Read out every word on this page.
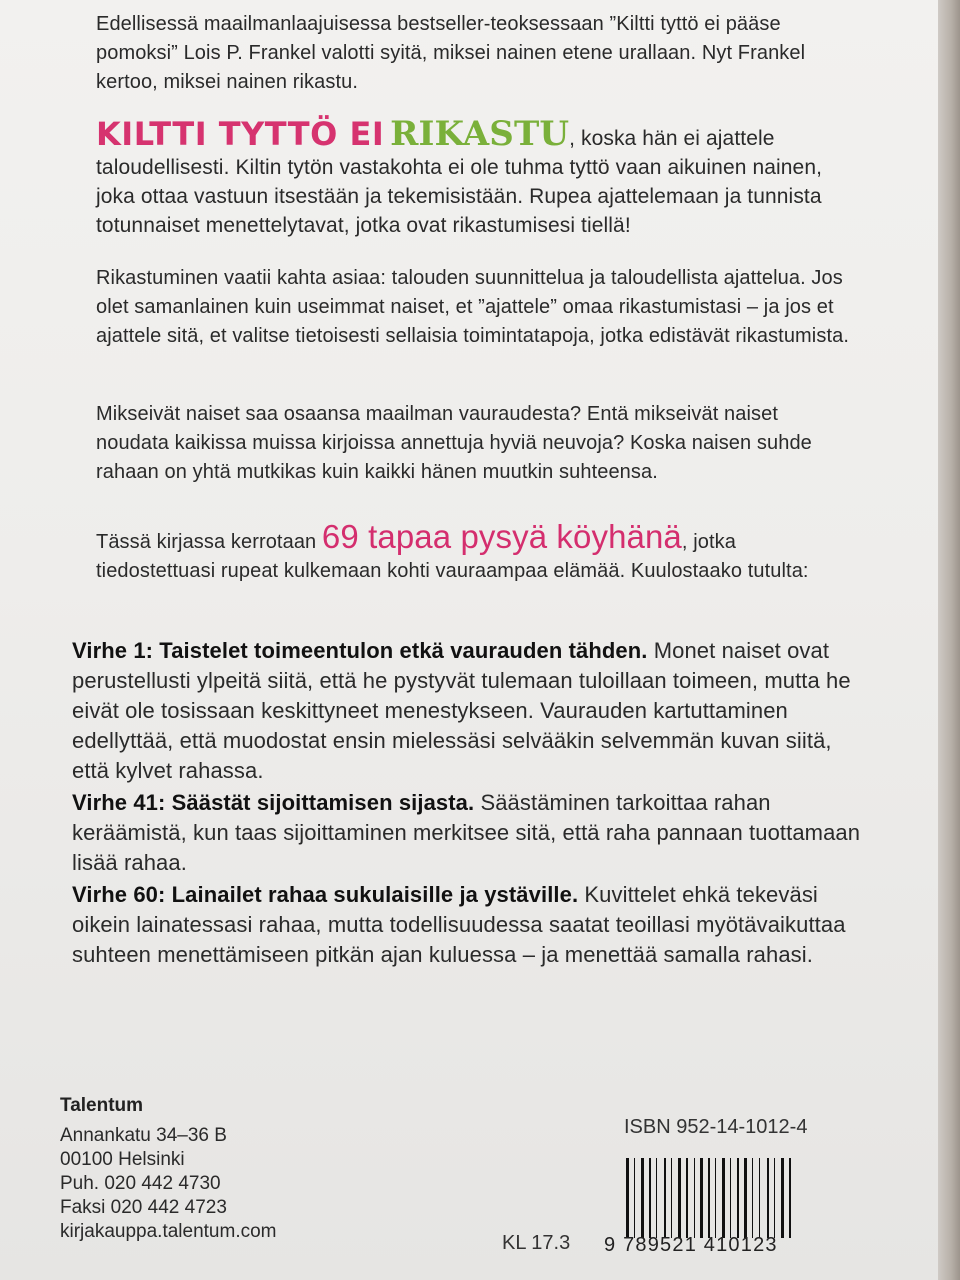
Edellisessä maailmanlaajuisessa bestseller-teoksessaan ”Kiltti tyttö ei pääse pomoksi” Lois P. Frankel valotti syitä, miksei nainen etene urallaan. Nyt Frankel kertoo, miksei nainen rikastu.
KILTTI TYTTÖ EI RIKASTU, koska hän ei ajattele taloudellisesti. Kiltin tytön vastakohta ei ole tuhma tyttö vaan aikuinen nainen, joka ottaa vastuun itsestään ja tekemisistään. Rupea ajattelemaan ja tunnista totunnaiset menettelytavat, jotka ovat rikastumisesi tiellä!
Rikastuminen vaatii kahta asiaa: talouden suunnittelua ja taloudellista ajattelua. Jos olet samanlainen kuin useimmat naiset, et ”ajattele” omaa rikastumistasi – ja jos et ajattele sitä, et valitse tietoisesti sellaisia toimintatapoja, jotka edistävät rikastumista.
Mikseivät naiset saa osaansa maailman vauraudesta? Entä mikseivät naiset noudata kaikissa muissa kirjoissa annettuja hyviä neuvoja? Koska naisen suhde rahaan on yhtä mutkikas kuin kaikki hänen muutkin suhteensa.
Tässä kirjassa kerrotaan 69 tapaa pysyä köyhänä, jotka tiedostettuasi rupeat kulkemaan kohti vauraampaa elämää. Kuulostaako tutulta:

Virhe 1: Taistelet toimeentulon etkä vaurauden tähden. Monet naiset ovat perustellusti ylpeitä siitä, että he pystyvät tulemaan tuloillaan toimeen, mutta he eivät ole tosissaan keskittyneet menestykseen. Vaurauden kartuttaminen edellyttää, että muodostat ensin mielessäsi selvääkin selvemmän kuvan siitä, että kylvet rahassa.

Virhe 41: Säästät sijoittamisen sijasta. Säästäminen tarkoittaa rahan keräämistä, kun taas sijoittaminen merkitsee sitä, että raha pannaan tuottamaan lisää rahaa.

Virhe 60: Lainailet rahaa sukulaisille ja ystäville. Kuvittelet ehkä tekeväsi oikein lainatessasi rahaa, mutta todellisuudessa saatat teoillasi myötävaikuttaa suhteen menettämiseen pitkän ajan kuluessa – ja menettää samalla rahasi.

Talentum
Annankatu 34–36 B
00100 Helsinki
Puh. 020 442 4730
Faksi 020 442 4723
kirjakauppa.talentum.com
ISBN 952-14-1012-4
KL 17.3 9 789521 410123
